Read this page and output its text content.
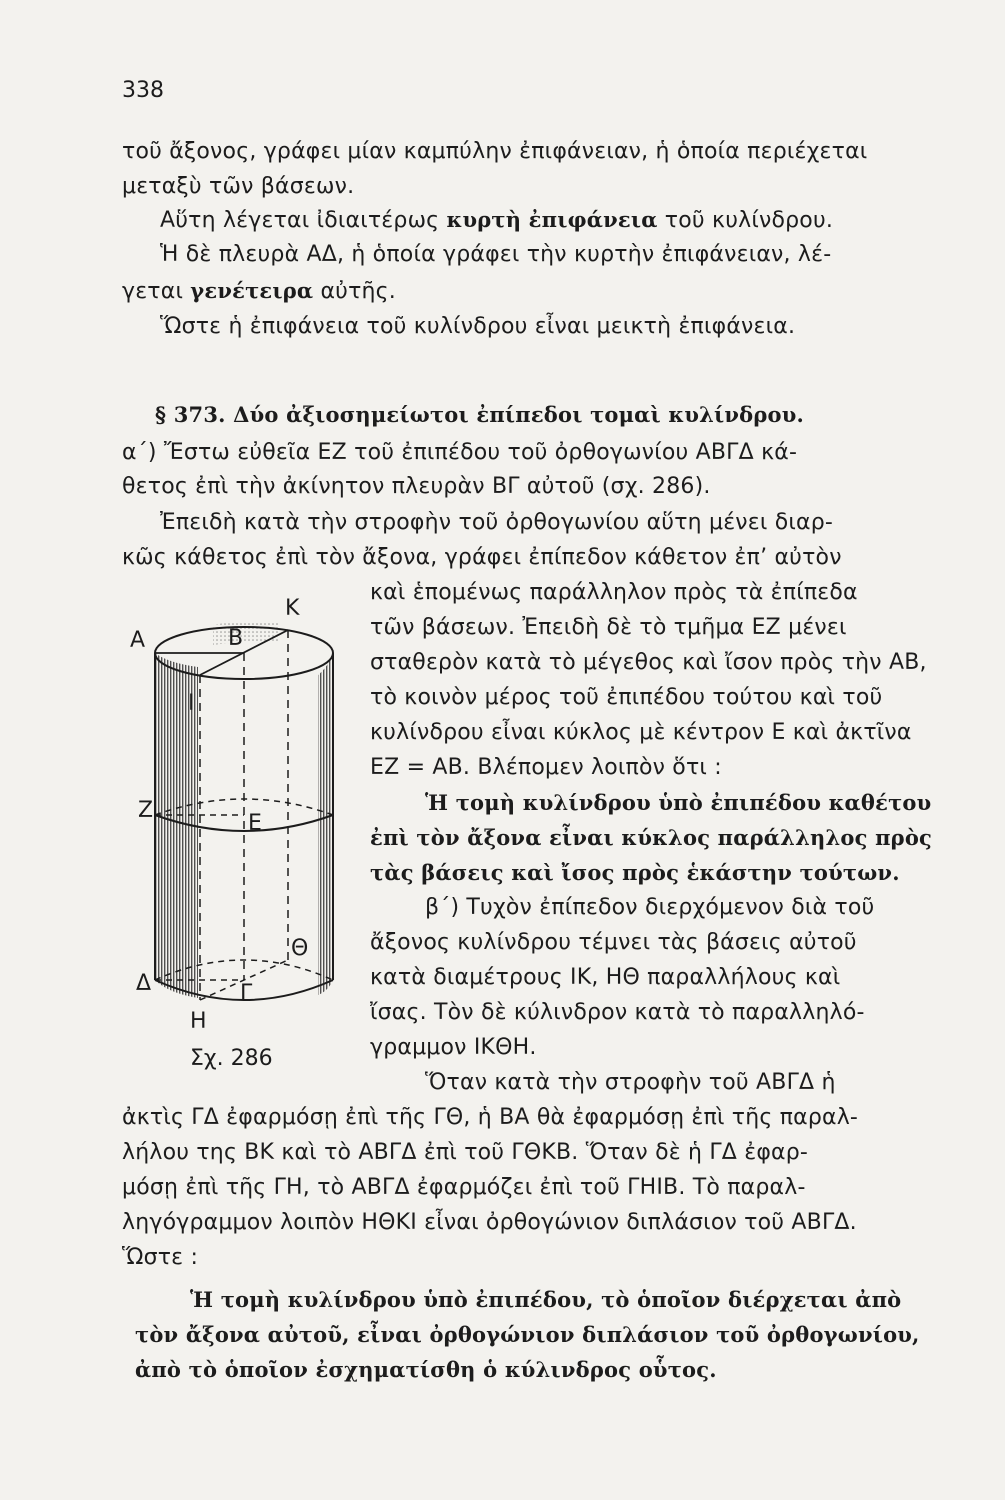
338
τοῦ ἄξονος, γράφει μίαν καμπύλην ἐπιφάνειαν, ἡ ὁποία περιέχεται
μεταξὺ τῶν βάσεων.
Αὕτη λέγεται ἰδιαιτέρως κυρτὴ ἐπιφάνεια τοῦ κυλίνδρου.
Ἡ δὲ πλευρὰ ΑΔ, ἡ ὁποία γράφει τὴν κυρτὴν ἐπιφάνειαν, λέ-
γεται γενέτειρα αὐτῆς.
Ὥστε ἡ ἐπιφάνεια τοῦ κυλίνδρου εἶναι μεικτὴ ἐπιφάνεια.
§ 373. Δύο ἀξιοσημείωτοι ἐπίπεδοι τομαὶ κυλίνδρου.
α΄) Ἔστω εὐθεῖα ΕΖ τοῦ ἐπιπέδου τοῦ ὀρθογωνίου ΑΒΓΔ κά-
θετος ἐπὶ τὴν ἀκίνητον πλευρὰν ΒΓ αὐτοῦ (σχ. 286).
Ἐπειδὴ κατὰ τὴν στροφὴν τοῦ ὀρθογωνίου αὕτη μένει διαρ-
κῶς κάθετος ἐπὶ τὸν ἄξονα, γράφει ἐπίπεδον κάθετον ἐπ’ αὐτὸν
καὶ ἑπομένως παράλληλον πρὸς τὰ ἐπίπεδα
τῶν βάσεων. Ἐπειδὴ δὲ τὸ τμῆμα ΕΖ μένει
σταθερὸν κατὰ τὸ μέγεθος καὶ ἴσον πρὸς τὴν ΑΒ,
τὸ κοινὸν μέρος τοῦ ἐπιπέδου τούτου καὶ τοῦ
κυλίνδρου εἶναι κύκλος μὲ κέντρον Ε καὶ ἀκτῖνα
ΕΖ = ΑΒ. Βλέπομεν λοιπὸν ὅτι :
Ἡ τομὴ κυλίνδρου ὑπὸ ἐπιπέδου καθέτου
ἐπὶ τὸν ἄξονα εἶναι κύκλος παράλληλος πρὸς
τὰς βάσεις καὶ ἴσος πρὸς ἑκάστην τούτων.
β΄) Τυχὸν ἐπίπεδον διερχόμενον διὰ τοῦ
ἄξονος κυλίνδρου τέμνει τὰς βάσεις αὐτοῦ
κατὰ διαμέτρους ΙΚ, ΗΘ παραλλήλους καὶ
ἴσας. Τὸν δὲ κύλινδρον κατὰ τὸ παραλληλό-
γραμμον ΙΚΘΗ.
Ὅταν κατὰ τὴν στροφὴν τοῦ ΑΒΓΔ ἡ
ἀκτὶς ΓΔ ἐφαρμόσῃ ἐπὶ τῆς ΓΘ, ἡ ΒΑ θὰ ἐφαρμόσῃ ἐπὶ τῆς παραλ-
λήλου της ΒΚ καὶ τὸ ΑΒΓΔ ἐπὶ τοῦ ΓΘΚΒ. Ὅταν δὲ ἡ ΓΔ ἐφαρ-
μόσῃ ἐπὶ τῆς ΓΗ, τὸ ΑΒΓΔ ἐφαρμόζει ἐπὶ τοῦ ΓΗΙΒ. Τὸ παραλ-
ληγόγραμμον λοιπὸν ΗΘΚΙ εἶναι ὀρθογώνιον διπλάσιον τοῦ ΑΒΓΔ.
Ὥστε :
Ἡ τομὴ κυλίνδρου ὑπὸ ἐπιπέδου, τὸ ὁποῖον διέρχεται ἀπὸ
τὸν ἄξονα αὐτοῦ, εἶναι ὀρθογώνιον διπλάσιον τοῦ ὀρθογωνίου,
ἀπὸ τὸ ὁποῖον ἐσχηματίσθη ὁ κύλινδρος οὗτος.
Α	Β
Κ
Ι
Ζ
Ε
Θ
Δ	Γ
Η
Σχ. 286
